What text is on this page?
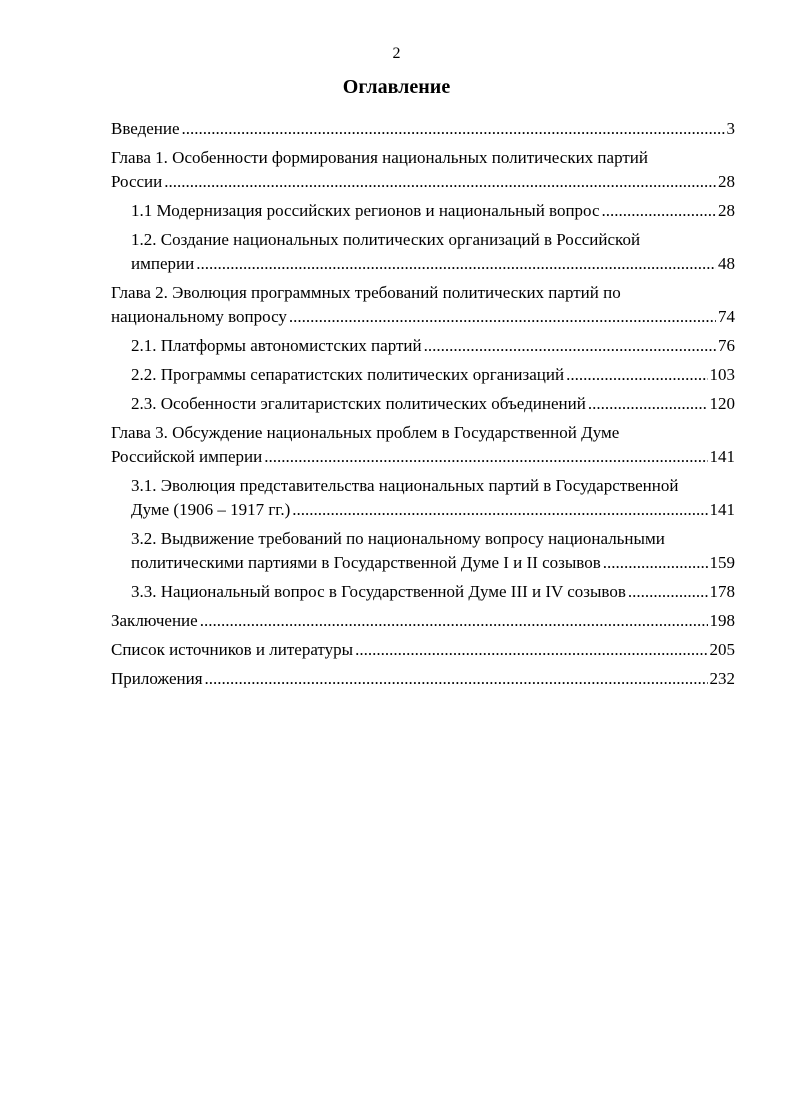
2
Оглавление
Введение .....	3
Глава 1. Особенности формирования национальных политических партий
России .....	28
1.1 Модернизация российских регионов и национальный вопрос .....	28
1.2. Создание национальных политических организаций в Российской
империи .....	48
Глава 2. Эволюция программных требований политических партий по
национальному вопросу .....	74
2.1. Платформы автономистских партий .....	76
2.2. Программы сепаратистских политических организаций .....	103
2.3. Особенности эгалитаристских политических объединений .....	120
Глава 3. Обсуждение национальных проблем в Государственной Думе
Российской империи .....	141
3.1. Эволюция представительства национальных партий в Государственной
Думе (1906 – 1917 гг.) .....	141
3.2. Выдвижение требований по национальному вопросу национальными
политическими партиями в Государственной Думе I и II созывов .....	159
3.3. Национальный вопрос в Государственной Думе III и IV созывов .....	178
Заключение .....	198
Список источников и литературы .....	205
Приложения .....	232
